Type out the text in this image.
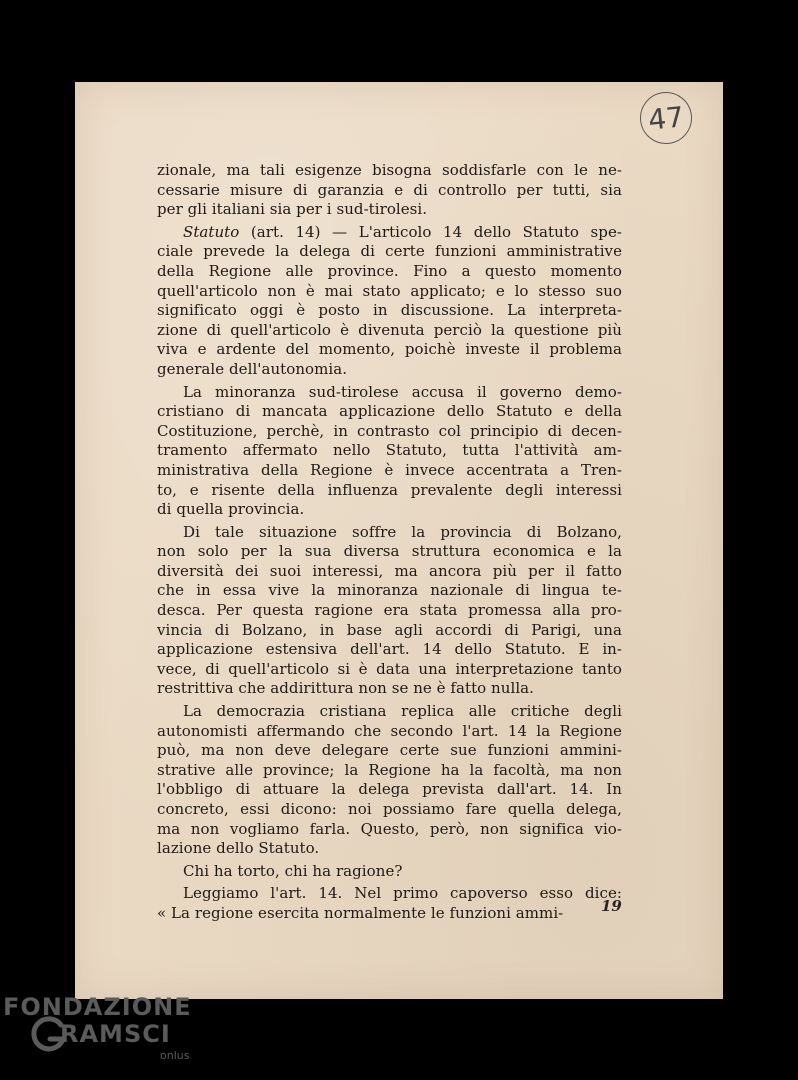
47
zionale, ma tali esigenze bisogna soddisfarle con le ne-
cessarie misure di garanzia e di controllo per tutti, sia
per gli italiani sia per i sud-tirolesi.
Statuto (art. 14) — L'articolo 14 dello Statuto spe-
ciale prevede la delega di certe funzioni amministrative
della Regione alle province. Fino a questo momento
quell'articolo non è mai stato applicato; e lo stesso suo
significato oggi è posto in discussione. La interpreta-
zione di quell'articolo è divenuta perciò la questione più
viva e ardente del momento, poichè investe il problema
generale dell'autonomia.
La minoranza sud-tirolese accusa il governo demo-
cristiano di mancata applicazione dello Statuto e della
Costituzione, perchè, in contrasto col principio di decen-
tramento affermato nello Statuto, tutta l'attività am-
ministrativa della Regione è invece accentrata a Tren-
to, e risente della influenza prevalente degli interessi
di quella provincia.
Di tale situazione soffre la provincia di Bolzano,
non solo per la sua diversa struttura economica e la
diversità dei suoi interessi, ma ancora più per il fatto
che in essa vive la minoranza nazionale di lingua te-
desca. Per questa ragione era stata promessa alla pro-
vincia di Bolzano, in base agli accordi di Parigi, una
applicazione estensiva dell'art. 14 dello Statuto. E in-
vece, di quell'articolo si è data una interpretazione tanto
restrittiva che addirittura non se ne è fatto nulla.
La democrazia cristiana replica alle critiche degli
autonomisti affermando che secondo l'art. 14 la Regione
può, ma non deve delegare certe sue funzioni ammini-
strative alle province; la Regione ha la facoltà, ma non
l'obbligo di attuare la delega prevista dall'art. 14. In
concreto, essi dicono: noi possiamo fare quella delega,
ma non vogliamo farla. Questo, però, non significa vio-
lazione dello Statuto.
Chi ha torto, chi ha ragione?
Leggiamo l'art. 14. Nel primo capoverso esso dice:
« La regione esercita normalmente le funzioni ammi-	19
FONDAZIONE
RAMSCI
onlus
